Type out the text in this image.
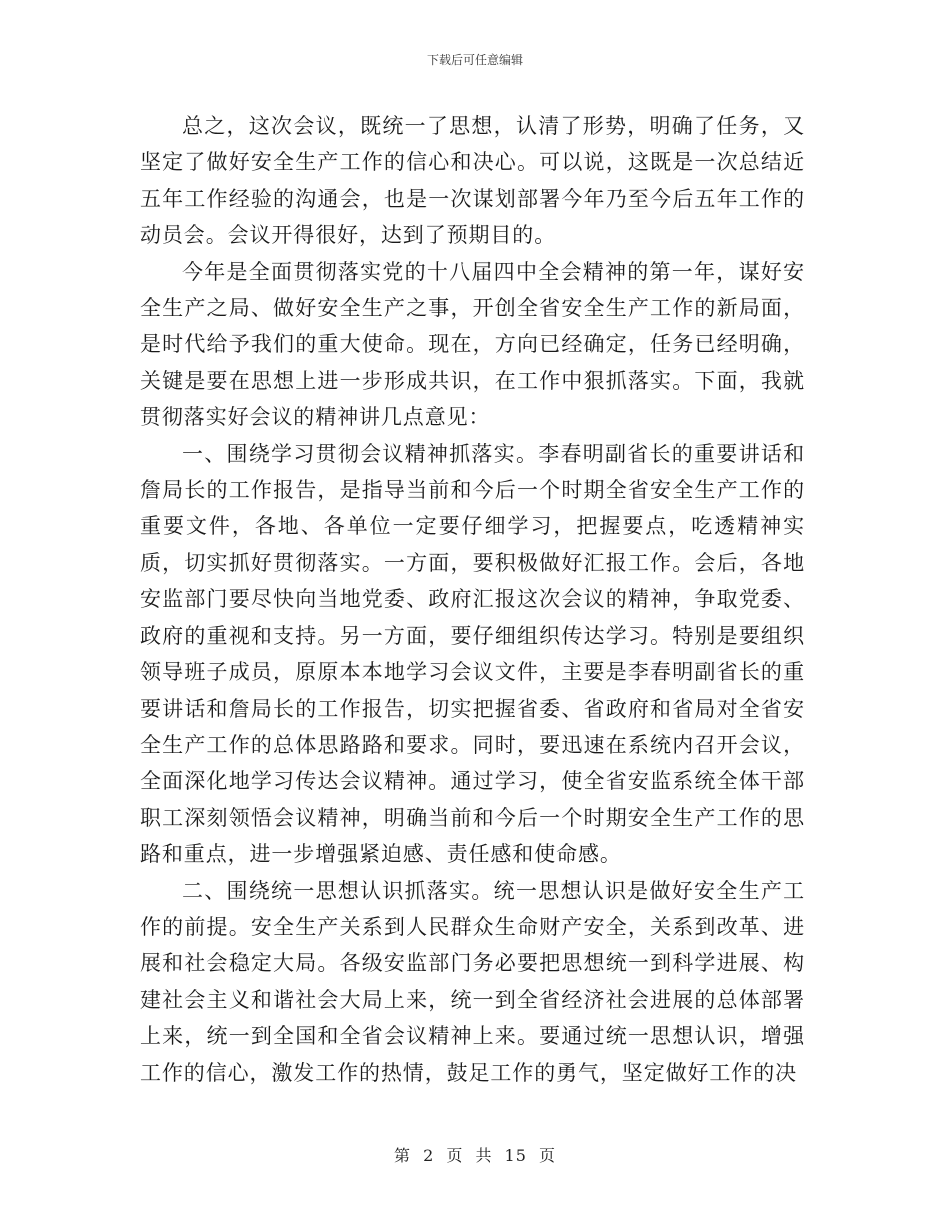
下载后可任意编辑

总之，这次会议，既统一了思想，认清了形势，明确了任务，又坚定了做好安全生产工作的信心和决心。可以说，这既是一次总结近五年工作经验的沟通会，也是一次谋划部署今年乃至今后五年工作的动员会。会议开得很好，达到了预期目的。

今年是全面贯彻落实党的十八届四中全会精神的第一年，谋好安全生产之局、做好安全生产之事，开创全省安全生产工作的新局面，是时代给予我们的重大使命。现在，方向已经确定，任务已经明确，关键是要在思想上进一步形成共识，在工作中狠抓落实。下面，我就贯彻落实好会议的精神讲几点意见：

一、围绕学习贯彻会议精神抓落实。李春明副省长的重要讲话和詹局长的工作报告，是指导当前和今后一个时期全省安全生产工作的重要文件，各地、各单位一定要仔细学习，把握要点，吃透精神实质，切实抓好贯彻落实。一方面，要积极做好汇报工作。会后，各地安监部门要尽快向当地党委、政府汇报这次会议的精神，争取党委、政府的重视和支持。另一方面，要仔细组织传达学习。特别是要组织领导班子成员，原原本本地学习会议文件，主要是李春明副省长的重要讲话和詹局长的工作报告，切实把握省委、省政府和省局对全省安全生产工作的总体思路路和要求。同时，要迅速在系统内召开会议，全面深化地学习传达会议精神。通过学习，使全省安监系统全体干部职工深刻领悟会议精神，明确当前和今后一个时期安全生产工作的思路和重点，进一步增强紧迫感、责任感和使命感。

二、围绕统一思想认识抓落实。统一思想认识是做好安全生产工作的前提。安全生产关系到人民群众生命财产安全，关系到改革、进展和社会稳定大局。各级安监部门务必要把思想统一到科学进展、构建社会主义和谐社会大局上来，统一到全省经济社会进展的总体部署上来，统一到全国和全省会议精神上来。要通过统一思想认识，增强工作的信心，激发工作的热情，鼓足工作的勇气，坚定做好工作的决

第 2 页 共 15 页
